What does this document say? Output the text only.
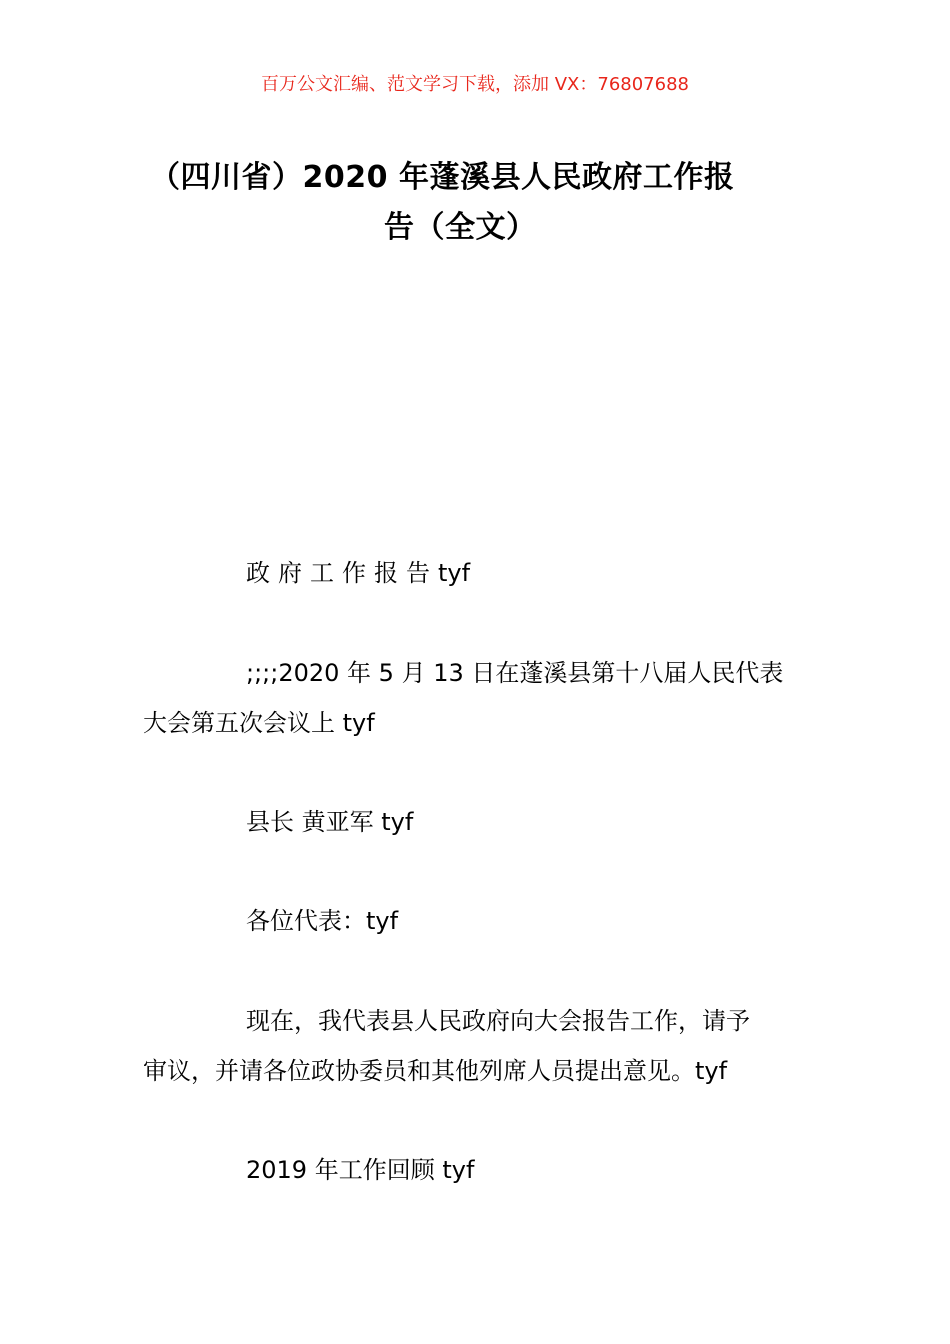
百万公文汇编、范文学习下载，添加 VX：76807688
（四川省）2020 年蓬溪县人民政府工作报
告（全文）
政府工作报告tyf
;;;;2020 年 5 月 13 日在蓬溪县第十八届人民代表
大会第五次会议上 tyf
县长 黄亚军 tyf
各位代表：tyf
现在，我代表县人民政府向大会报告工作，请予
审议，并请各位政协委员和其他列席人员提出意见。tyf
2019 年工作回顾 tyf
